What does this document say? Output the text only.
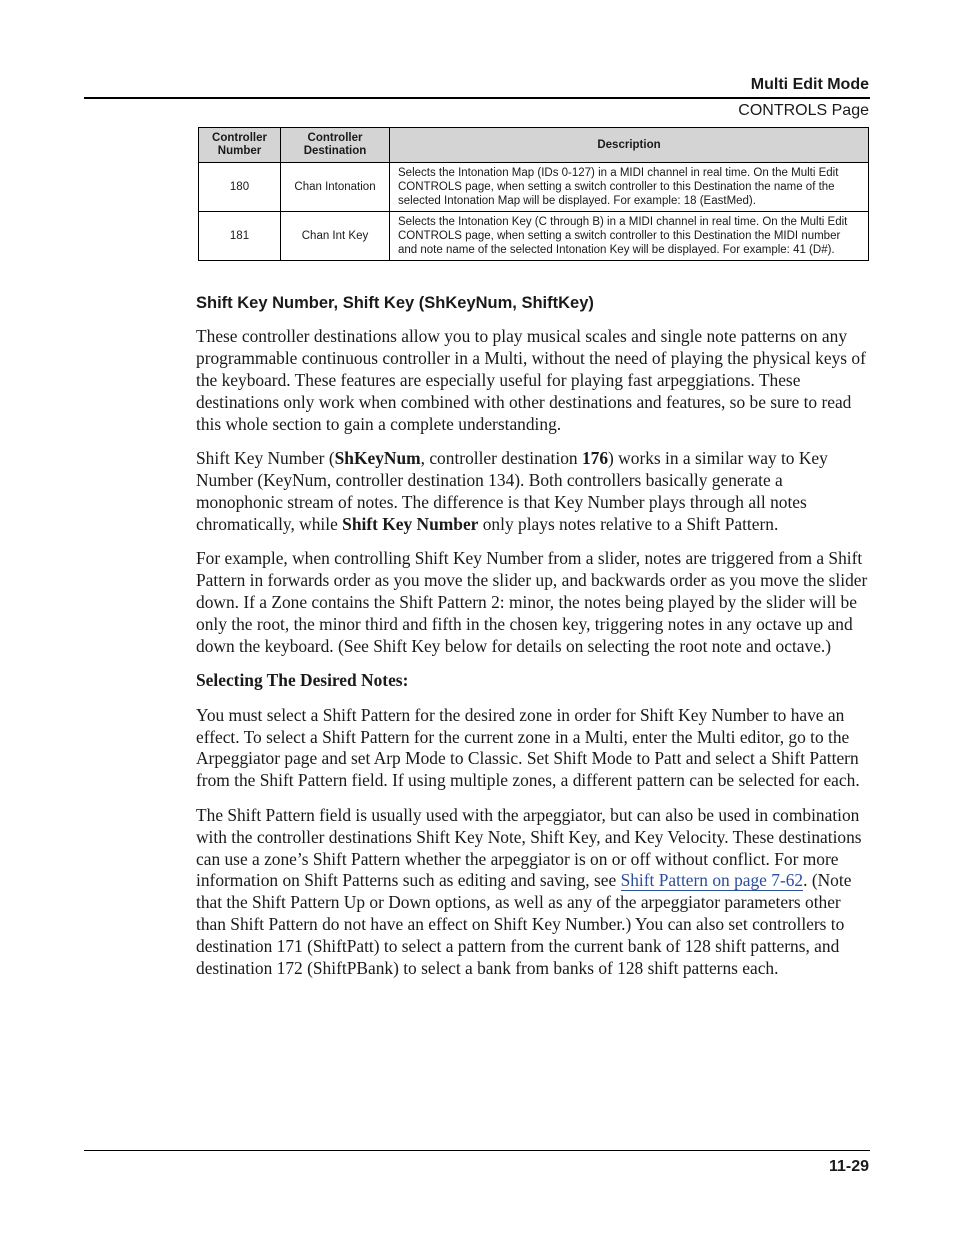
Multi Edit Mode
CONTROLS Page
Controller Number	Controller Destination	Description
180	Chan Intonation	Selects the Intonation Map (IDs 0-127) in a MIDI channel in real time. On the Multi Edit CONTROLS page, when setting a switch controller to this Destination the name of the selected Intonation Map will be displayed. For example: 18 (EastMed).
181	Chan Int Key	Selects the Intonation Key (C through B) in a MIDI channel in real time. On the Multi Edit CONTROLS page, when setting a switch controller to this Destination the MIDI number and note name of the selected Intonation Key will be displayed. For example: 41 (D#).
Shift Key Number, Shift Key (ShKeyNum, ShiftKey)

These controller destinations allow you to play musical scales and single note patterns on any programmable continuous controller in a Multi, without the need of playing the physical keys of the keyboard. These features are especially useful for playing fast arpeggiations. These destinations only work when combined with other destinations and features, so be sure to read this whole section to gain a complete understanding.

Shift Key Number (ShKeyNum, controller destination 176) works in a similar way to Key Number (KeyNum, controller destination 134). Both controllers basically generate a monophonic stream of notes. The difference is that Key Number plays through all notes chromatically, while Shift Key Number only plays notes relative to a Shift Pattern.

For example, when controlling Shift Key Number from a slider, notes are triggered from a Shift Pattern in forwards order as you move the slider up, and backwards order as you move the slider down. If a Zone contains the Shift Pattern 2: minor, the notes being played by the slider will be only the root, the minor third and fifth in the chosen key, triggering notes in any octave up and down the keyboard. (See Shift Key below for details on selecting the root note and octave.)

Selecting The Desired Notes:

You must select a Shift Pattern for the desired zone in order for Shift Key Number to have an effect. To select a Shift Pattern for the current zone in a Multi, enter the Multi editor, go to the Arpeggiator page and set Arp Mode to Classic. Set Shift Mode to Patt and select a Shift Pattern from the Shift Pattern field. If using multiple zones, a different pattern can be selected for each.

The Shift Pattern field is usually used with the arpeggiator, but can also be used in combination with the controller destinations Shift Key Note, Shift Key, and Key Velocity. These destinations can use a zone’s Shift Pattern whether the arpeggiator is on or off without conflict. For more information on Shift Patterns such as editing and saving, see Shift Pattern on page 7-62. (Note that the Shift Pattern Up or Down options, as well as any of the arpeggiator parameters other than Shift Pattern do not have an effect on Shift Key Number.) You can also set controllers to destination 171 (ShiftPatt) to select a pattern from the current bank of 128 shift patterns, and destination 172 (ShiftPBank) to select a bank from banks of 128 shift patterns each.

11-29
